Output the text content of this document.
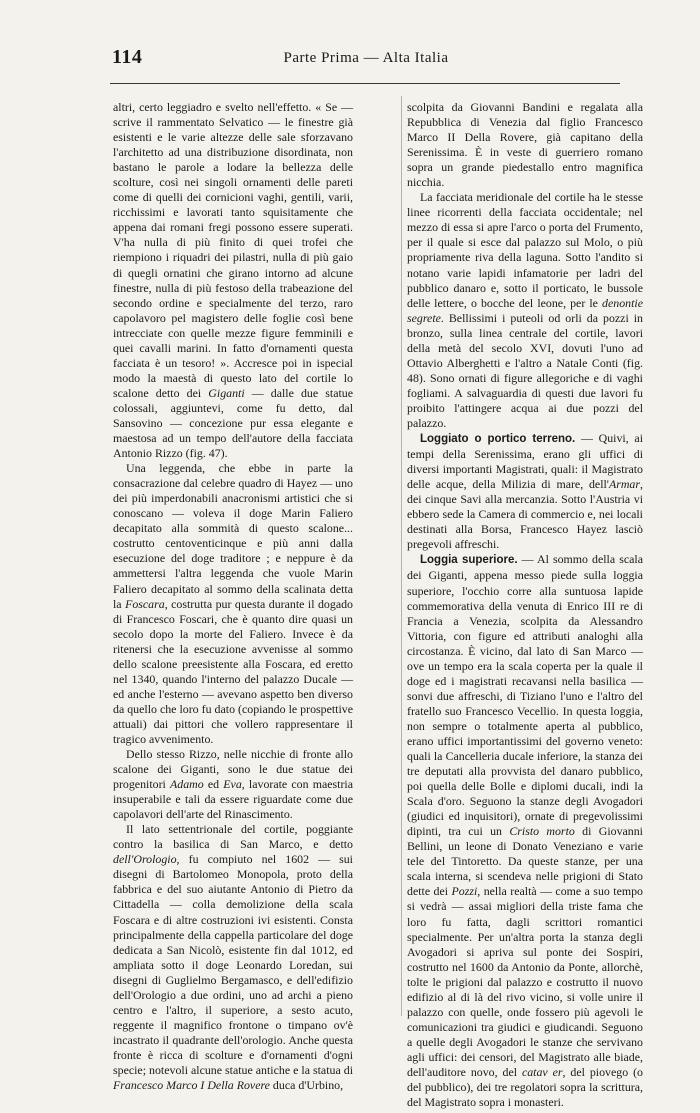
114	Parte Prima — Alta Italia

altri, certo leggiadro e svelto nell'effetto. « Se — scrive il rammentato Selvatico — le finestre già esistenti e le varie altezze delle sale sforzavano l'architetto ad una distribuzione disordinata, non bastano le parole a lodare la bellezza delle scolture, così nei singoli ornamenti delle pareti come di quelli dei cornicioni vaghi, gentili, varii, ricchissimi e lavorati tanto squisitamente che appena dai romani fregi possono essere superati. V'ha nulla di più finito di quei trofei che riempiono i riquadri dei pilastri, nulla di più gaio di quegli ornatini che girano intorno ad alcune finestre, nulla di più festoso della trabeazione del secondo ordine e specialmente del terzo, raro capolavoro pel magistero delle foglie così bene intrecciate con quelle mezze figure femminili e quei cavalli marini. In fatto d'ornamenti questa facciata è un tesoro! ». Accresce poi in ispecial modo la maestà di questo lato del cortile lo scalone detto dei Giganti — dalle due statue colossali, aggiuntevi, come fu detto, dal Sansovino — concezione pur essa elegante e maestosa ad un tempo dell'autore della facciata Antonio Rizzo (fig. 47).

Una leggenda, che ebbe in parte la consacrazione dal celebre quadro di Hayez — uno dei più imperdonabili anacronismi artistici che si conoscano — voleva il doge Marin Faliero decapitato alla sommità di questo scalone... costrutto centoventicinque e più anni dalla esecuzione del doge traditore ; e neppure è da ammettersi l'altra leggenda che vuole Marin Faliero decapitato al sommo della scalinata detta la Foscara, costrutta pur questa durante il dogado di Francesco Foscari, che è quanto dire quasi un secolo dopo la morte del Faliero. Invece è da ritenersi che la esecuzione avvenisse al sommo dello scalone preesistente alla Foscara, ed eretto nel 1340, quando l'interno del palazzo Ducale — ed anche l'esterno — avevano aspetto ben diverso da quello che loro fu dato (copiando le prospettive attuali) dai pittori che vollero rappresentare il tragico avvenimento.

Dello stesso Rizzo, nelle nicchie di fronte allo scalone dei Giganti, sono le due statue dei progenitori Adamo ed Eva, lavorate con maestria insuperabile e tali da essere riguardate come due capolavori dell'arte del Rinascimento.

Il lato settentrionale del cortile, poggiante contro la basilica di San Marco, e detto dell'Orologio, fu compiuto nel 1602 — sui disegni di Bartolomeo Monopola, proto della fabbrica e del suo aiutante Antonio di Pietro da Cittadella — colla demolizione della scala Foscara e di altre costruzioni ivi esistenti. Consta principalmente della cappella particolare del doge dedicata a San Nicolò, esistente fin dal 1012, ed ampliata sotto il doge Leonardo Loredan, sui disegni di Guglielmo Bergamasco, e dell'edifizio dell'Orologio a due ordini, uno ad archi a pieno centro e l'altro, il superiore, a sesto acuto, reggente il magnifico frontone o timpano ov'è incastrato il quadrante dell'orologio. Anche questa fronte è ricca di scolture e d'ornamenti d'ogni specie; notevoli alcune statue antiche e la statua di Francesco Marco I Della Rovere duca d'Urbino,

scolpita da Giovanni Bandini e regalata alla Repubblica di Venezia dal figlio Francesco Marco II Della Rovere, già capitano della Serenissima. È in veste di guerriero romano sopra un grande piedestallo entro magnifica nicchia.

La facciata meridionale del cortile ha le stesse linee ricorrenti della facciata occidentale; nel mezzo di essa si apre l'arco o porta del Frumento, per il quale si esce dal palazzo sul Molo, o più propriamente riva della laguna. Sotto l'andito si notano varie lapidi infamatorie per ladri del pubblico danaro e, sotto il porticato, le bussole delle lettere, o bocche del leone, per le denontie segrete. Bellissimi i puteoli od orli da pozzi in bronzo, sulla linea centrale del cortile, lavori della metà del secolo XVI, dovuti l'uno ad Ottavio Alberghetti e l'altro a Natale Conti (fig. 48). Sono ornati di figure allegoriche e di vaghi fogliami. A salvaguardia di questi due lavori fu proibito l'attingere acqua ai due pozzi del palazzo.

Loggiato o portico terreno. — Quivi, ai tempi della Serenissima, erano gli uffici di diversi importanti Magistrati, quali: il Magistrato delle acque, della Milizia di mare, dell'Armar, dei cinque Savi alla mercanzia. Sotto l'Austria vi ebbero sede la Camera di commercio e, nei locali destinati alla Borsa, Francesco Hayez lasciò pregevoli affreschi.

Loggia superiore. — Al sommo della scala dei Giganti, appena messo piede sulla loggia superiore, l'occhio corre alla suntuosa lapide commemorativa della venuta di Enrico III re di Francia a Venezia, scolpita da Alessandro Vittoria, con figure ed attributi analoghi alla circostanza. È vicino, dal lato di San Marco — ove un tempo era la scala coperta per la quale il doge ed i magistrati recavansi nella basilica — sonvi due affreschi, di Tiziano l'uno e l'altro del fratello suo Francesco Vecellio. In questa loggia, non sempre o totalmente aperta al pubblico, erano uffici importantissimi del governo veneto: quali la Cancelleria ducale inferiore, la stanza dei tre deputati alla provvista del danaro pubblico, poi quella delle Bolle e diplomi ducali, indi la Scala d'oro. Seguono la stanze degli Avogadori (giudici ed inquisitori), ornate di pregevolissimi dipinti, tra cui un Cristo morto di Giovanni Bellini, un leone di Donato Veneziano e varie tele del Tintoretto. Da queste stanze, per una scala interna, si scendeva nelle prigioni di Stato dette dei Pozzi, nella realtà — come a suo tempo si vedrà — assai migliori della triste fama che loro fu fatta, dagli scrittori romantici specialmente. Per un'altra porta la stanza degli Avogadori si apriva sul ponte dei Sospiri, costrutto nel 1600 da Antonio da Ponte, allorchè, tolte le prigioni dal palazzo e costrutto il nuovo edifizio al di là del rivo vicino, si volle unire il palazzo con quelle, onde fossero più agevoli le comunicazioni tra giudici e giudicandi. Seguono a quelle degli Avogadori le stanze che servivano agli uffici: dei censori, del Magistrato alle biade, dell'auditore novo, del catav er, del piovego (o del pubblico), dei tre regolatori sopra la scrittura, del Magistrato sopra i monasteri.
